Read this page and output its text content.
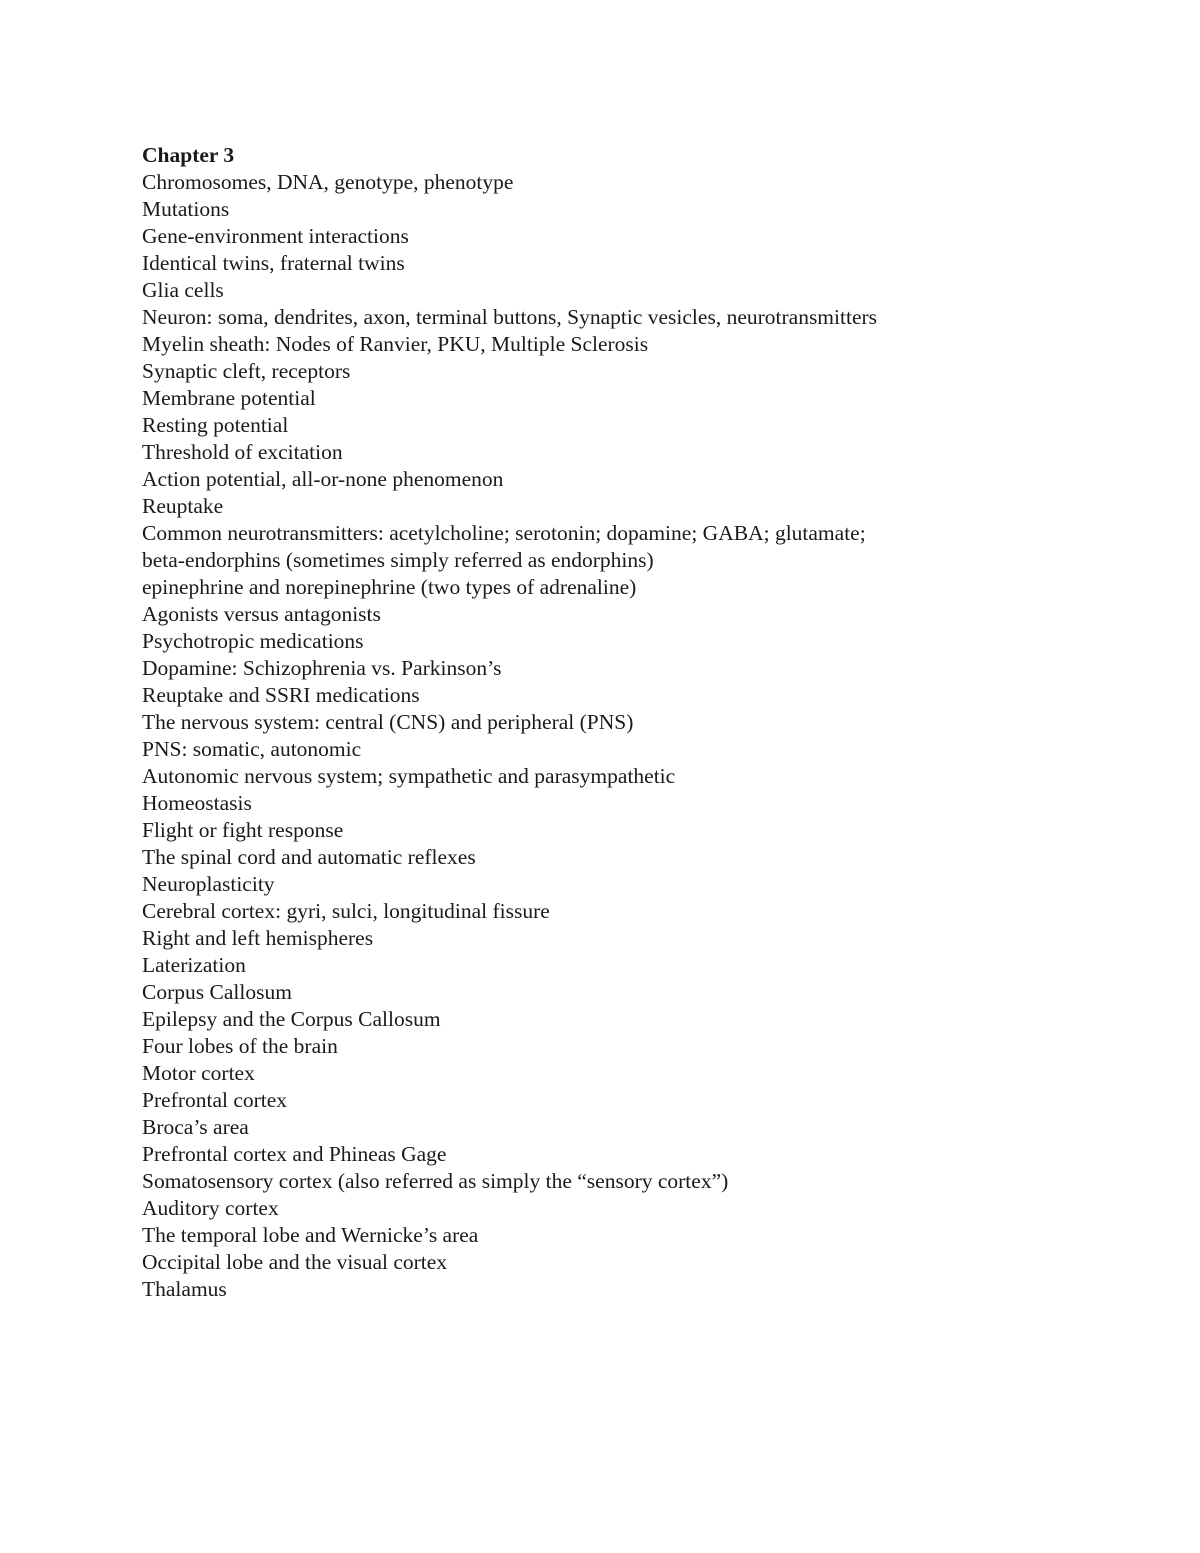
Chapter 3
Chromosomes, DNA, genotype, phenotype
Mutations
Gene-environment interactions
Identical twins, fraternal twins
Glia cells
Neuron: soma, dendrites, axon, terminal buttons, Synaptic vesicles, neurotransmitters
Myelin sheath: Nodes of Ranvier, PKU, Multiple Sclerosis
Synaptic cleft, receptors
Membrane potential
Resting potential
Threshold of excitation
Action potential, all-or-none phenomenon
Reuptake
Common neurotransmitters: acetylcholine; serotonin; dopamine; GABA; glutamate;
beta-endorphins (sometimes simply referred as endorphins)
epinephrine and norepinephrine (two types of adrenaline)
Agonists versus antagonists
Psychotropic medications
Dopamine: Schizophrenia vs. Parkinson’s
Reuptake and SSRI medications
The nervous system: central (CNS) and peripheral (PNS)
PNS: somatic, autonomic
Autonomic nervous system; sympathetic and parasympathetic
Homeostasis
Flight or fight response
The spinal cord and automatic reflexes
Neuroplasticity
Cerebral cortex: gyri, sulci, longitudinal fissure
Right and left hemispheres
Laterization
Corpus Callosum
Epilepsy and the Corpus Callosum
Four lobes of the brain
Motor cortex
Prefrontal cortex
Broca’s area
Prefrontal cortex and Phineas Gage
Somatosensory cortex (also referred as simply the “sensory cortex”)
Auditory cortex
The temporal lobe and Wernicke’s area
Occipital lobe and the visual cortex
Thalamus
